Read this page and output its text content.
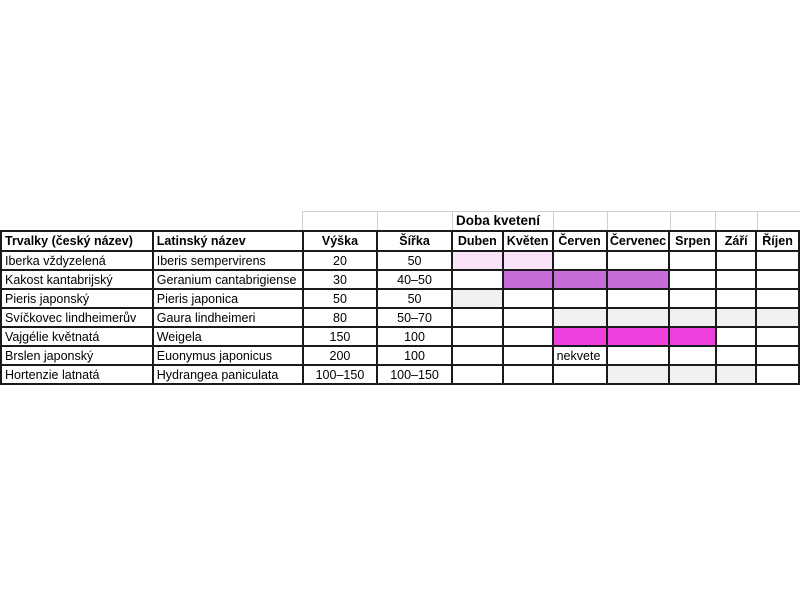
Doba kvetení
Trvalky (český název)	Latinský název	Výška	Šířka	Duben	Květen	Červen	Červenec	Srpen	Září	Říjen
Iberka vždyzelená	Iberis sempervirens	20	50							
Kakost kantabrijský	Geranium cantabrigiense	30	40–50							
Pieris japonský	Pieris japonica	50	50							
Svíčkovec lindheimerův	Gaura lindheimeri	80	50–70							
Vajgélie květnatá	Weigela	150	100							
Brslen japonský	Euonymus japonicus	200	100			nekvete				
Hortenzie latnatá	Hydrangea paniculata	100–150	100–150							
